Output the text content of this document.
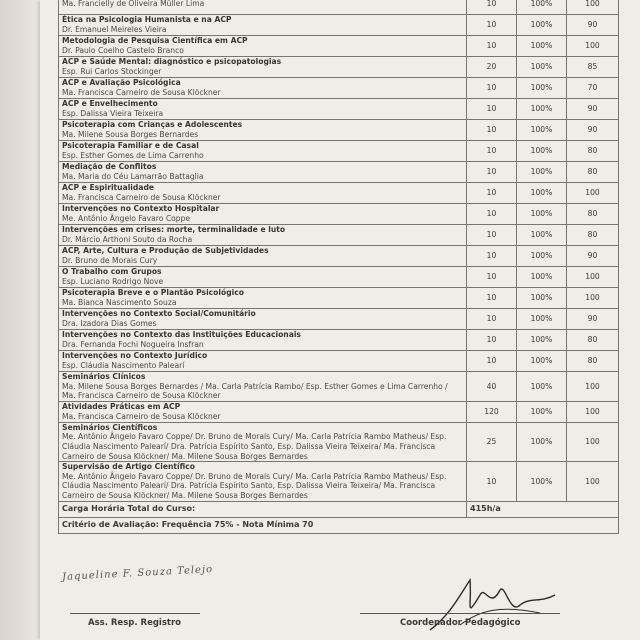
Ma. Francielly de Oliveira Müller Lima	10	100%	100

Ética na Psicologia Humanista e na ACP
Dr. Emanuel Meireles Vieira	10	100%	90

Metodologia de Pesquisa Científica em ACP
Dr. Paulo Coelho Castelo Branco	10	100%	100

ACP e Saúde Mental: diagnóstico e psicopatologias
Esp. Rui Carlos Stockinger	20	100%	85

ACP e Avaliação Psicológica
Ma. Francisca Carneiro de Sousa Klöckner	10	100%	70

ACP e Envelhecimento
Esp. Dalissa Vieira Teixeira	10	100%	90

Psicoterapia com Crianças e Adolescentes
Ma. Milene Sousa Borges Bernardes	10	100%	90

Psicoterapia Familiar e de Casal
Esp. Esther Gomes de Lima Carrenho	10	100%	80

Mediação de Conflitos
Ma. Maria do Céu Lamarrão Battaglia	10	100%	80

ACP e Espiritualidade
Ma. Francisca Carneiro de Sousa Klöckner	10	100%	100

Intervenções no Contexto Hospitalar
Me. Antônio Ângelo Favaro Coppe	10	100%	80

Intervenções em crises: morte, terminalidade e luto
Dr. Márcio Arthoni Souto da Rocha	10	100%	80

ACP, Arte, Cultura e Produção de Subjetividades
Dr. Bruno de Morais Cury	10	100%	90

O Trabalho com Grupos
Esp. Luciano Rodrigo Nove	10	100%	100

Psicoterapia Breve e o Plantão Psicológico
Ma. Bianca Nascimento Souza	10	100%	100

Intervenções no Contexto Social/Comunitário
Dra. Izadora Dias Gomes	10	100%	90

Intervenções no Contexto das Instituições Educacionais
Dra. Fernanda Fochi Nogueira Insfran	10	100%	80

Intervenções no Contexto Jurídico
Esp. Cláudia Nascimento Palearí	10	100%	80

Seminários Clínicos
Ma. Milene Sousa Borges Bernardes / Ma. Carla Patrícia Rambo/ Esp. Esther Gomes e Lima Carrenho / Ma. Francisca Carneiro de Sousa Klöckner	40	100%	100

Atividades Práticas em ACP
Ma. Francisca Carneiro de Sousa Klöckner	120	100%	100

Seminários Científicos
Me. Antônio Ângelo Favaro Coppe/ Dr. Bruno de Morais Cury/ Ma. Carla Patrícia Rambo Matheus/ Esp. Cláudia Nascimento Palearí/ Dra. Patrícia Espírito Santo, Esp. Dalissa Vieira Teixeira/ Ma. Francisca Carneiro de Sousa Klöckner/ Ma. Milene Sousa Borges Bernardes	25	100%	100

Supervisão de Artigo Científico
Me. Antônio Ângelo Favaro Coppe/ Dr. Bruno de Morais Cury/ Ma. Carla Patrícia Rambo Matheus/ Esp. Cláudia Nascimento Palearí/ Dra. Patrícia Espírito Santo, Esp. Dalissa Vieira Teixeira/ Ma. Francisca Carneiro de Sousa Klöckner/ Ma. Milene Sousa Borges Bernardes	10	100%	100
Carga Horária Total do Curso:	415h/a		
Critério de Avaliação: Frequência 75% - Nota Mínima 70			
Jaqueline F. Souza Telejo
Ass. Resp. Registro	Coordenador Pedagógico
